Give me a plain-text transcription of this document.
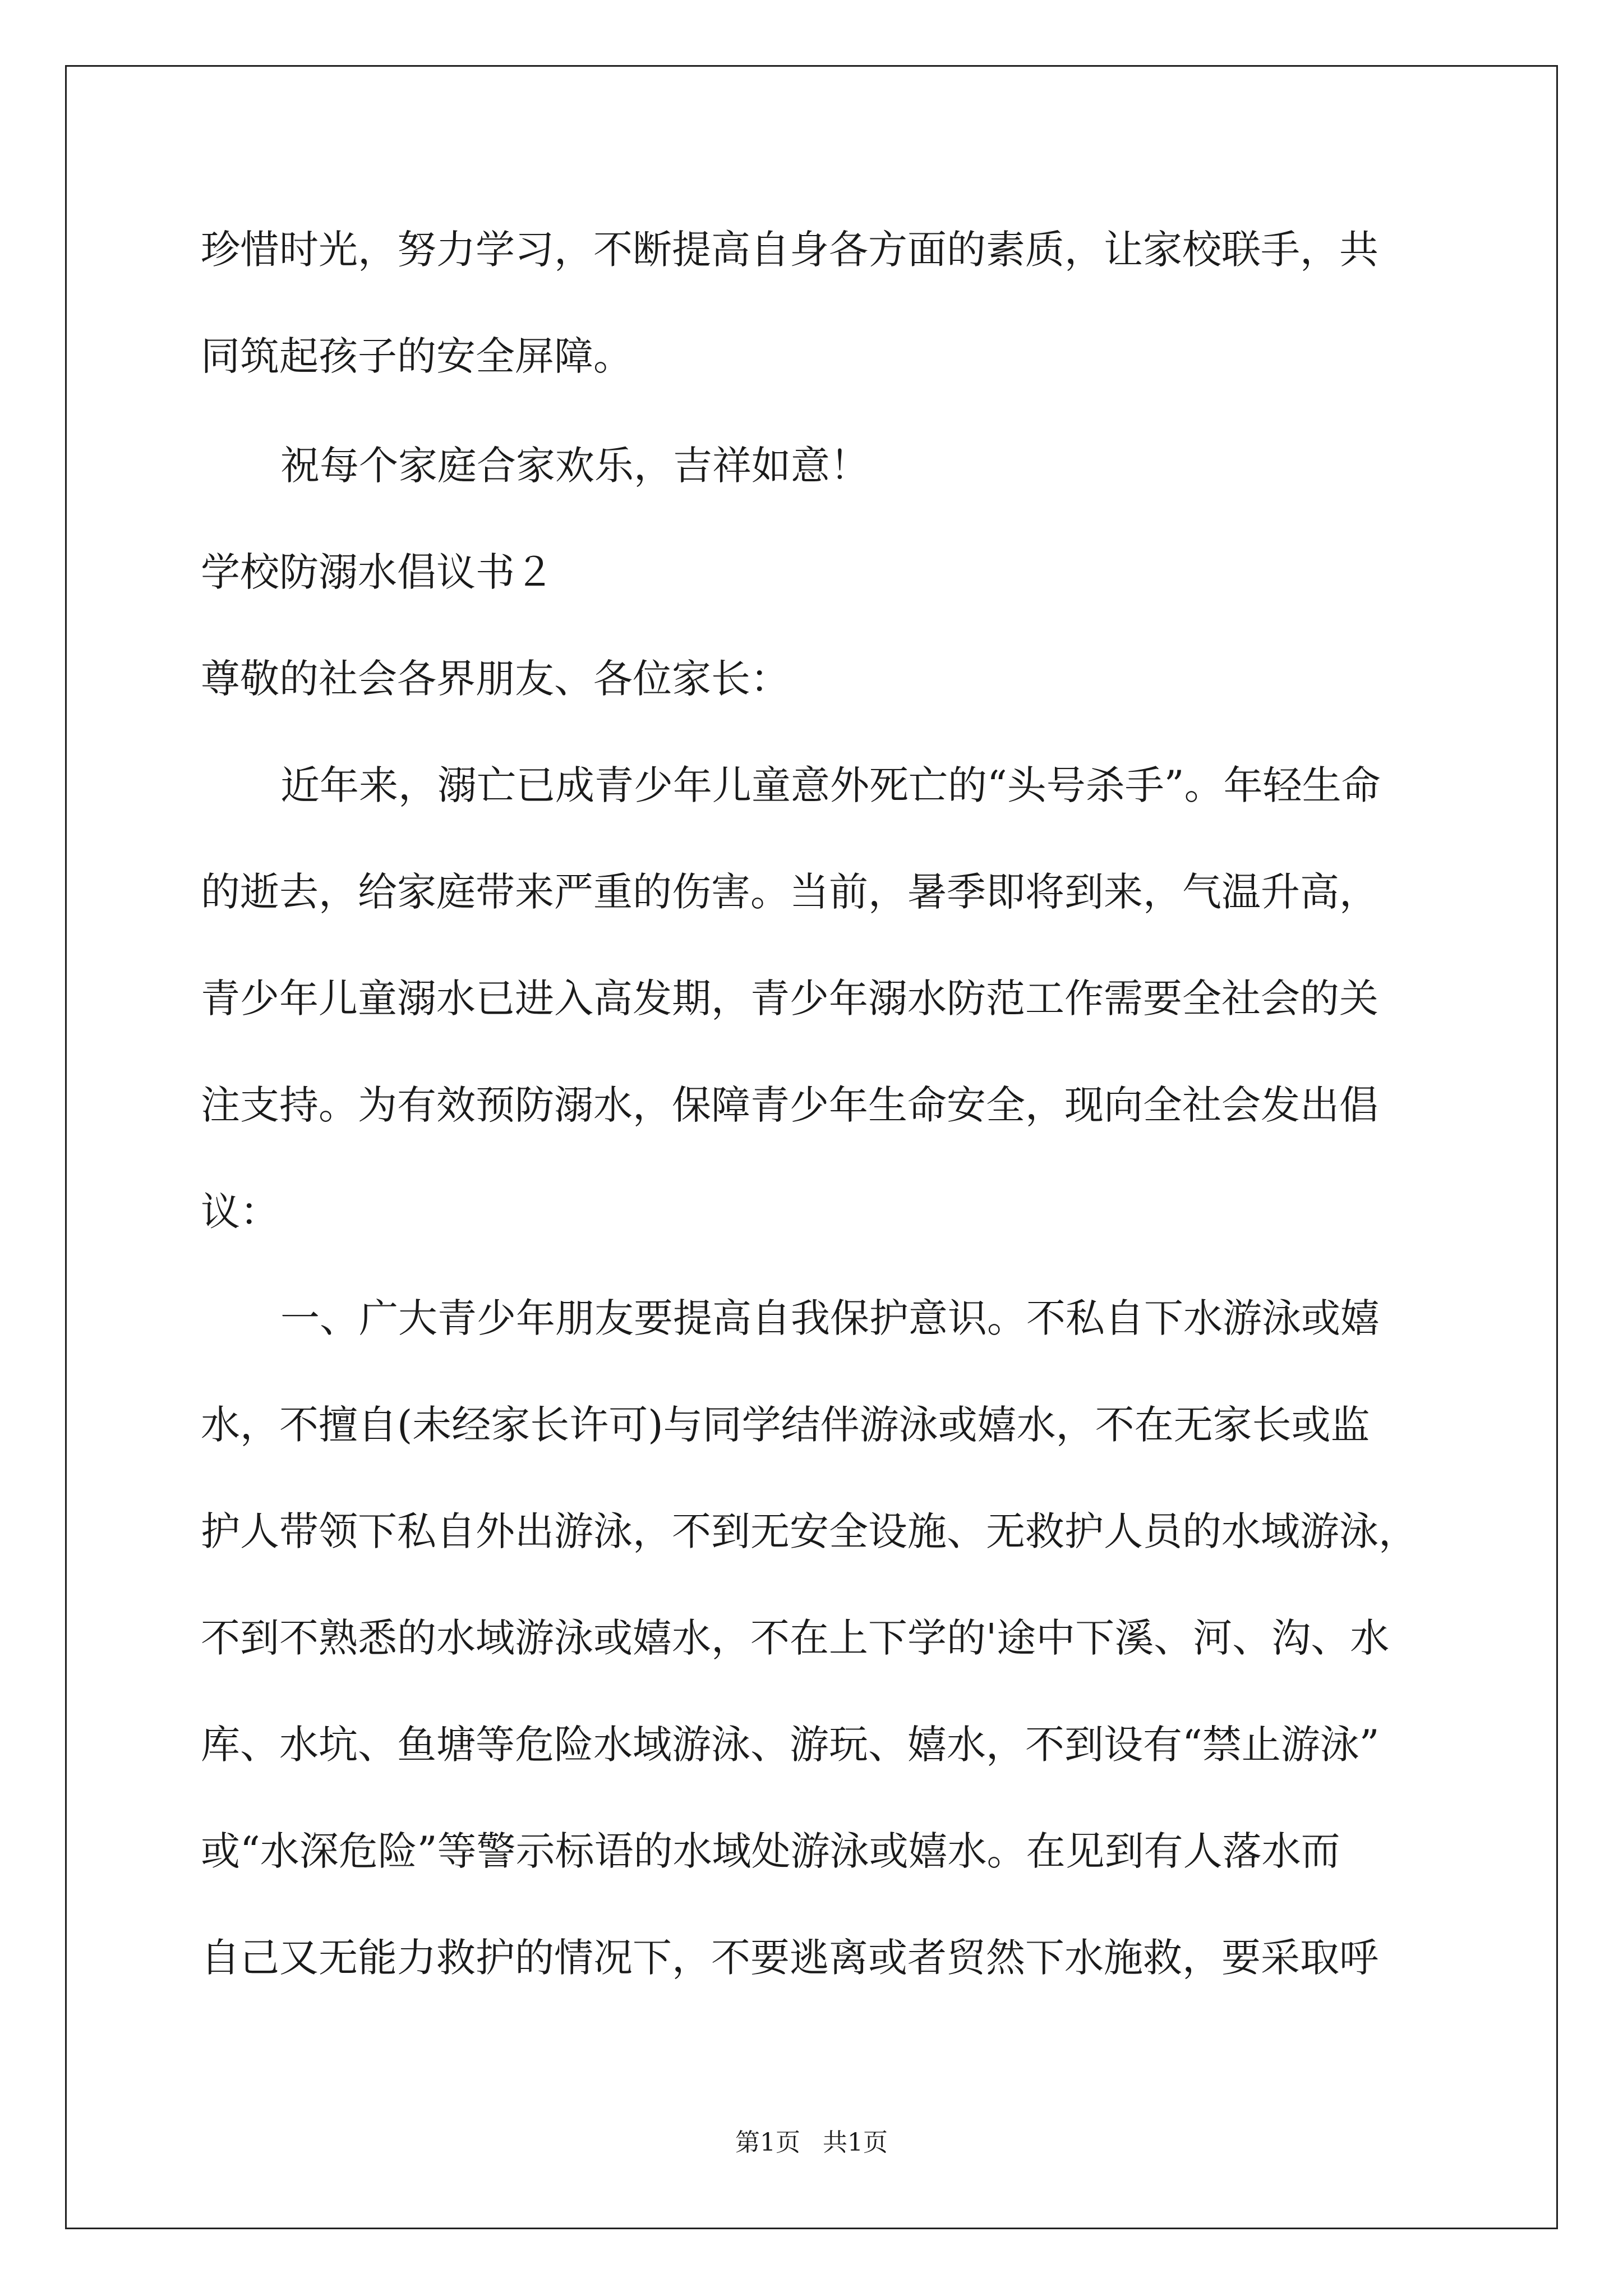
珍惜时光，努力学习，不断提高自身各方面的素质，让家校联手，共
同筑起孩子的安全屏障。
祝每个家庭合家欢乐，吉祥如意！
学校防溺水倡议书２
尊敬的社会各界朋友、各位家长：
近年来，溺亡已成青少年儿童意外死亡的“头号杀手”。年轻生命
的逝去，给家庭带来严重的伤害。当前，暑季即将到来，气温升高，
青少年儿童溺水已进入高发期，青少年溺水防范工作需要全社会的关
注支持。为有效预防溺水，保障青少年生命安全，现向全社会发出倡
议：
一、广大青少年朋友要提高自我保护意识。不私自下水游泳或嬉
水，不擅自(未经家长许可)与同学结伴游泳或嬉水，不在无家长或监
护人带领下私自外出游泳，不到无安全设施、无救护人员的水域游泳，
不到不熟悉的水域游泳或嬉水，不在上下学的'途中下溪、河、沟、水
库、水坑、鱼塘等危险水域游泳、游玩、嬉水，不到设有“禁止游泳”
或“水深危险”等警示标语的水域处游泳或嬉水。在见到有人落水而
自己又无能力救护的情况下，不要逃离或者贸然下水施救，要采取呼
第1页 共1页
